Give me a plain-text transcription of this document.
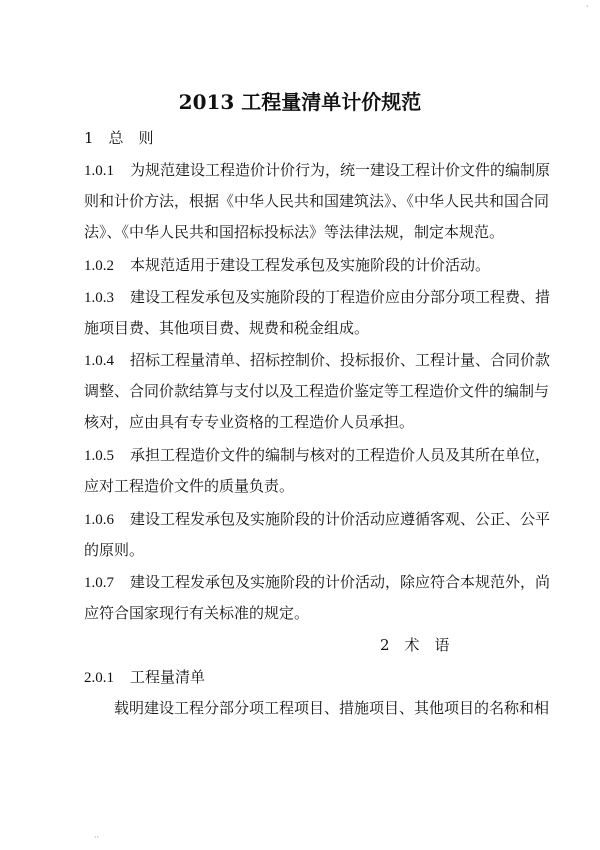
·
2013 工程量清单计价规范
1　总　则
1.0.1 为规范建设工程造价计价行为，统一建设工程计价文件的编制原
则和计价方法，根据《中华人民共和国建筑法》、《中华人民共和国合同
法》、《中华人民共和国招标投标法》等法律法规，制定本规范。
1.0.2 本规范适用于建设工程发承包及实施阶段的计价活动。
1.0.3 建设工程发承包及实施阶段的丁程造价应由分部分项工程费、措
施项目费、其他项目费、规费和税金组成。
1.0.4 招标工程量清单、招标控制价、投标报价、工程计量、合同价款
调整、合同价款结算与支付以及工程造价鉴定等工程造价文件的编制与
核对，应由具有专专业资格的工程造价人员承担。
1.0.5 承担工程造价文件的编制与核对的工程造价人员及其所在单位，
应对工程造价文件的质量负责。
1.0.6 建设工程发承包及实施阶段的计价活动应遵循客观、公正、公平
的原则。
1.0.7 建设工程发承包及实施阶段的计价活动，除应符合本规范外，尚
应符合国家现行有关标准的规定。
2　术　语
2.0.1 工程量清单
载明建设工程分部分项工程项目、措施项目、其他项目的名称和相
··
